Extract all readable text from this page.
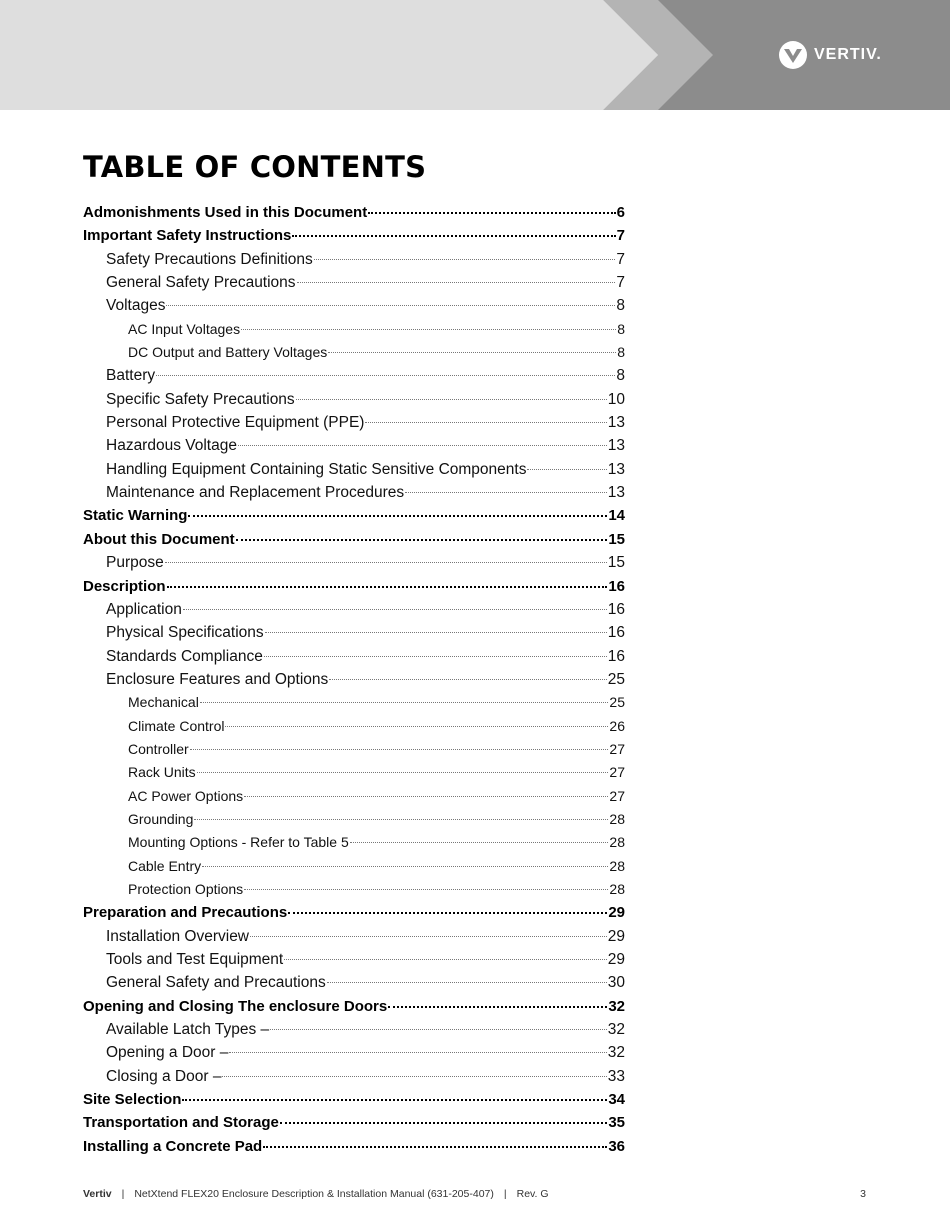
VERTIV.
TABLE OF CONTENTS
Admonishments Used in this Document	6
Important Safety Instructions	7
Safety Precautions Definitions	7
General Safety Precautions	7
Voltages	8
AC Input Voltages	8
DC Output and Battery Voltages	8
Battery	8
Specific Safety Precautions	10
Personal Protective Equipment (PPE)	13
Hazardous Voltage	13
Handling Equipment Containing Static Sensitive Components	13
Maintenance and Replacement Procedures	13
Static Warning	14
About this Document	15
Purpose	15
Description	16
Application	16
Physical Specifications	16
Standards Compliance	16
Enclosure Features and Options	25
Mechanical	25
Climate Control	26
Controller	27
Rack Units	27
AC Power Options	27
Grounding	28
Mounting Options - Refer to Table 5	28
Cable Entry	28
Protection Options	28
Preparation and Precautions	29
Installation Overview	29
Tools and Test Equipment	29
General Safety and Precautions	30
Opening and Closing The enclosure Doors	32
Available Latch Types –	32
Opening a Door –	32
Closing a Door –	33
Site Selection	34
Transportation and Storage	35
Installing a Concrete Pad	36
Vertiv | NetXtend FLEX20 Enclosure Description & Installation Manual (631-205-407) | Rev. G	3
